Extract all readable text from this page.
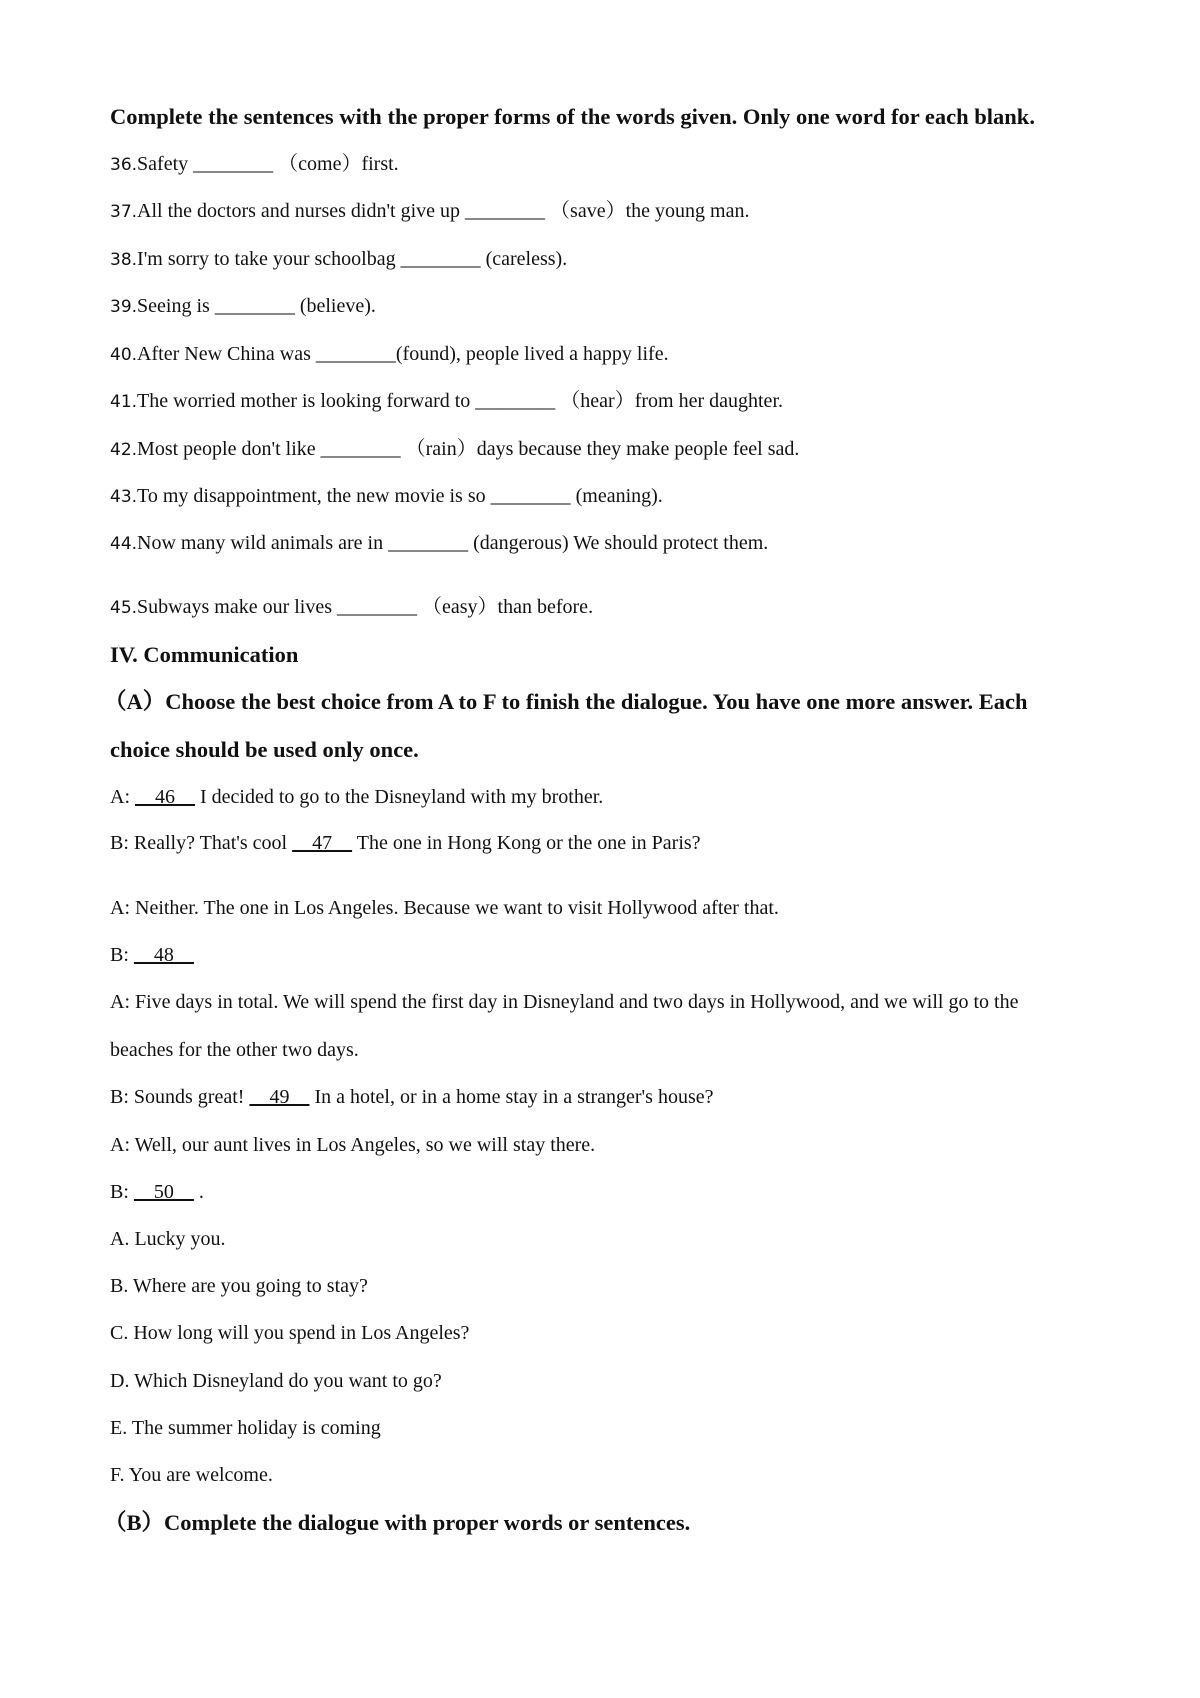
Complete the sentences with the proper forms of the words given. Only one word for each blank.
36.Safety ________ （come）first.
37.All the doctors and nurses didn't give up ________ （save）the young man.
38.I'm sorry to take your schoolbag ________ (careless).
39.Seeing is ________ (believe).
40.After New China was ________(found), people lived a happy life.
41.The worried mother is looking forward to ________ （hear）from her daughter.
42.Most people don't like ________ （rain）days because they make people feel sad.
43.To my disappointment, the new movie is so ________ (meaning).
44.Now many wild animals are in ________ (dangerous) We should protect them.
45.Subways make our lives ________ （easy）than before.
IV. Communication
（A）Choose the best choice from A to F to finish the dialogue. You have one more answer. Each
choice should be used only once.
A:     46     I decided to go to the Disneyland with my brother.
B: Really? That's cool     47     The one in Hong Kong or the one in Paris?
A: Neither. The one in Los Angeles. Because we want to visit Hollywood after that.
B:     48
A: Five days in total. We will spend the first day in Disneyland and two days in Hollywood, and we will go to the
beaches for the other two days.
B: Sounds great!     49     In a hotel, or in a home stay in a stranger's house?
A: Well, our aunt lives in Los Angeles, so we will stay there.
B:     50     .
A. Lucky you.
B. Where are you going to stay?
C. How long will you spend in Los Angeles?
D. Which Disneyland do you want to go?
E. The summer holiday is coming
F. You are welcome.
（B）Complete the dialogue with proper words or sentences.
